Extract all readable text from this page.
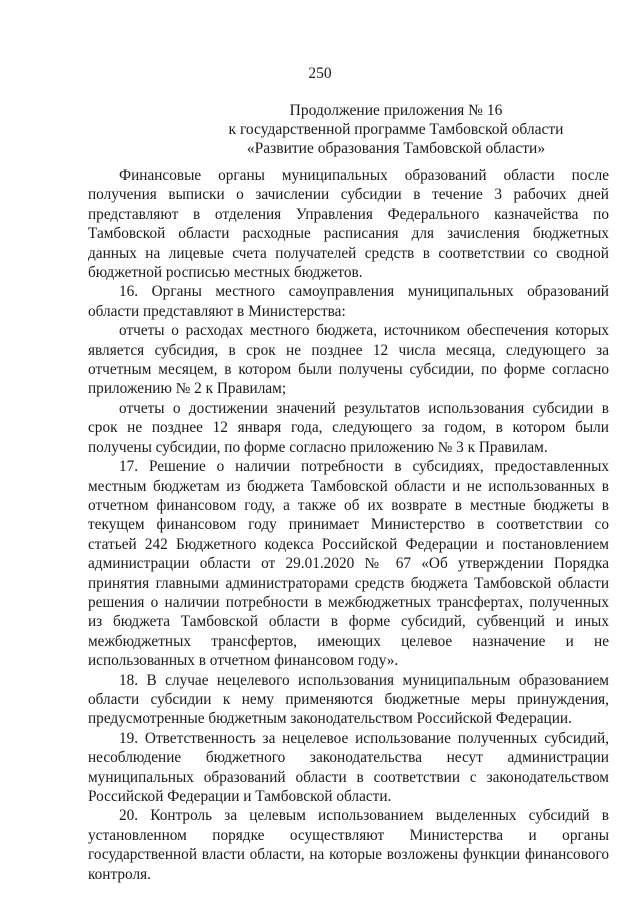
250
Продолжение приложения № 16
к государственной программе Тамбовской области
«Развитие образования Тамбовской области»
Финансовые органы муниципальных образований области после
получения выписки о зачислении субсидии в течение 3 рабочих дней
представляют в отделения Управления Федерального казначейства по
Тамбовской области расходные расписания для зачисления бюджетных
данных на лицевые счета получателей средств в соответствии со сводной
бюджетной росписью местных бюджетов.
16. Органы местного самоуправления муниципальных образований
области представляют в Министерства:
отчеты о расходах местного бюджета, источником обеспечения которых
является субсидия, в срок не позднее 12 числа месяца, следующего за
отчетным месяцем, в котором были получены субсидии, по форме согласно
приложению № 2 к Правилам;
отчеты о достижении значений результатов использования субсидии в
срок не позднее 12 января года, следующего за годом, в котором были
получены субсидии, по форме согласно приложению № 3 к Правилам.
17. Решение о наличии потребности в субсидиях, предоставленных
местным бюджетам из бюджета Тамбовской области и не использованных в
отчетном финансовом году, а также об их возврате в местные бюджеты в
текущем финансовом году принимает Министерство в соответствии со
статьей 242 Бюджетного кодекса Российской Федерации и постановлением
администрации области от 29.01.2020 № 67 «Об утверждении Порядка
принятия главными администраторами средств бюджета Тамбовской области
решения о наличии потребности в межбюджетных трансфертах, полученных
из бюджета Тамбовской области в форме субсидий, субвенций и иных
межбюджетных трансфертов, имеющих целевое назначение и не
использованных в отчетном финансовом году».
18. В случае нецелевого использования муниципальным образованием
области субсидии к нему применяются бюджетные меры принуждения,
предусмотренные бюджетным законодательством Российской Федерации.
19. Ответственность за нецелевое использование полученных субсидий,
несоблюдение бюджетного законодательства несут администрации
муниципальных образований области в соответствии с законодательством
Российской Федерации и Тамбовской области.
20. Контроль за целевым использованием выделенных субсидий в
установленном порядке осуществляют Министерства и органы
государственной власти области, на которые возложены функции финансового
контроля.
